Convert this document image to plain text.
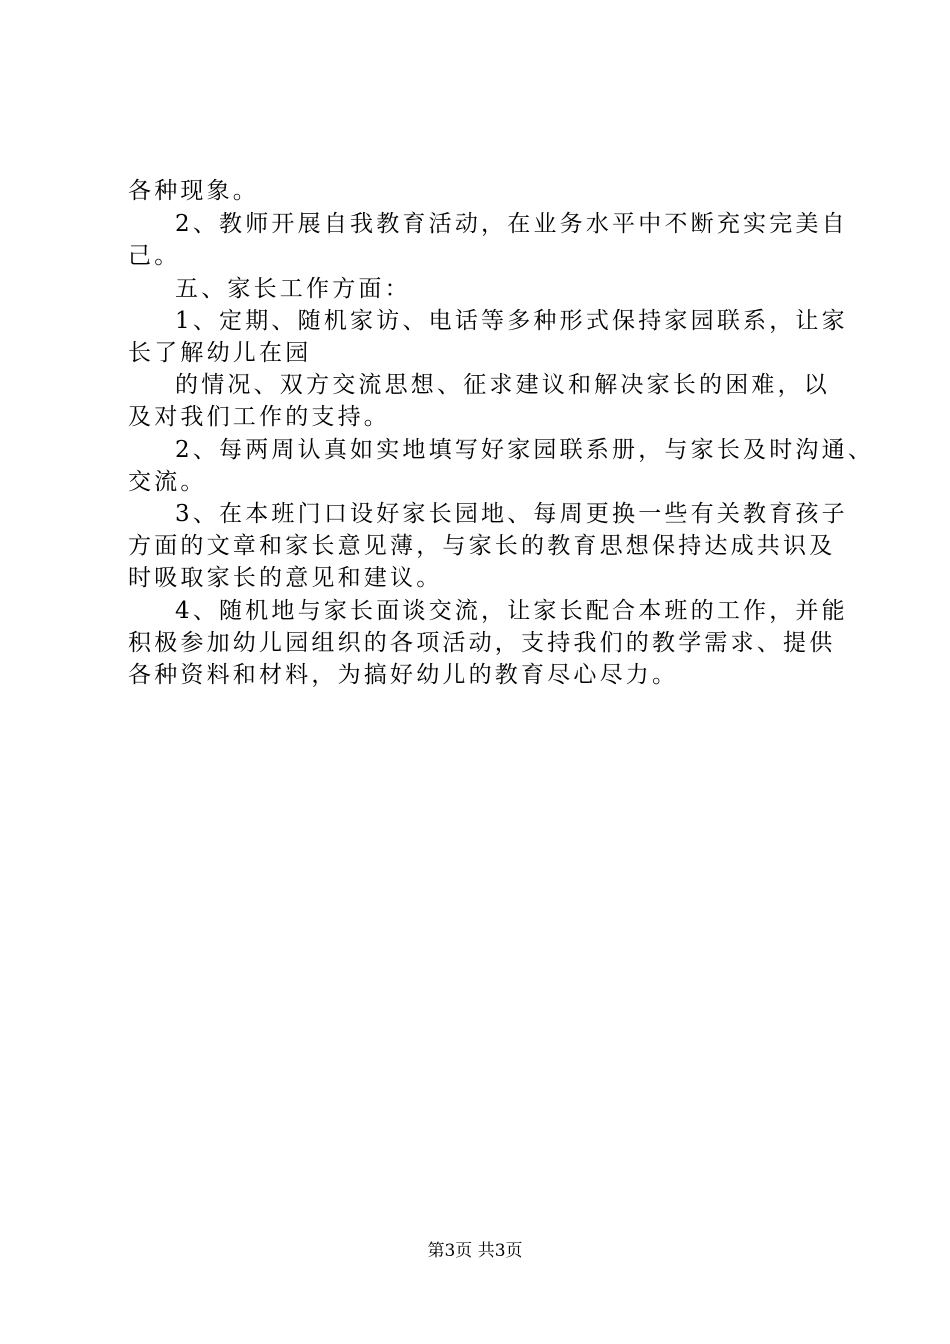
各种现象。
2、教师开展自我教育活动，在业务水平中不断充实完美自
己。
五、家长工作方面：
1、定期、随机家访、电话等多种形式保持家园联系，让家
长了解幼儿在园
的情况、双方交流思想、征求建议和解决家长的困难，以
及对我们工作的支持。
2、每两周认真如实地填写好家园联系册，与家长及时沟通、
交流。
3、在本班门口设好家长园地、每周更换一些有关教育孩子
方面的文章和家长意见薄，与家长的教育思想保持达成共识及
时吸取家长的意见和建议。
4、随机地与家长面谈交流，让家长配合本班的工作，并能
积极参加幼儿园组织的各项活动，支持我们的教学需求、提供
各种资料和材料，为搞好幼儿的教育尽心尽力。
第3页 共3页
